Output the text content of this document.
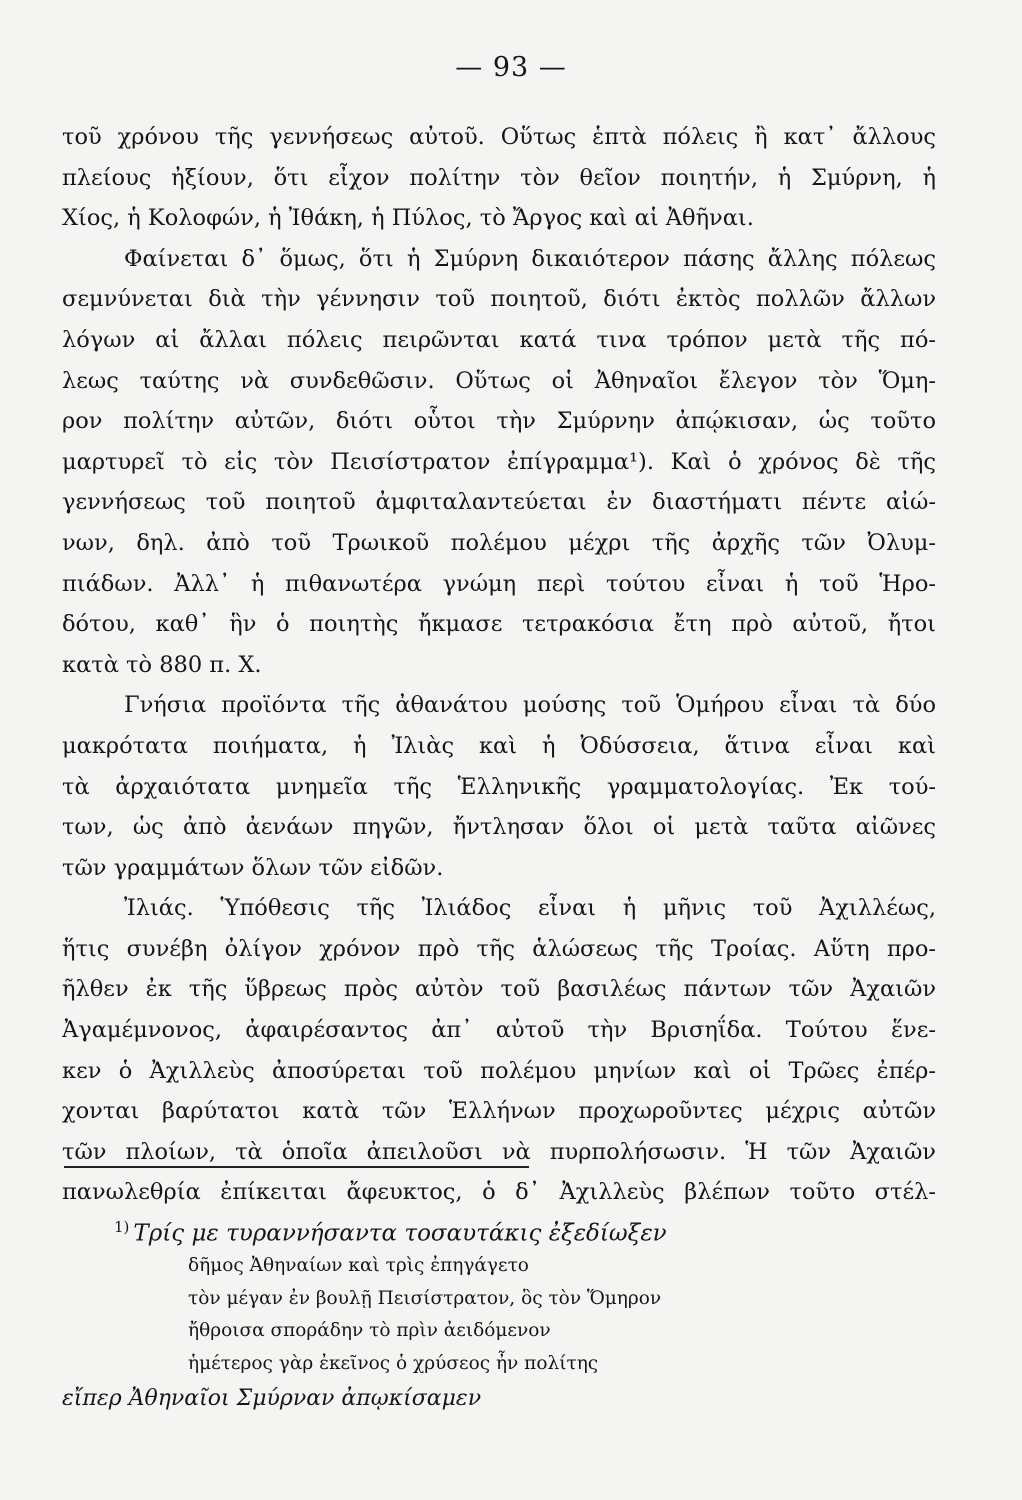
— 93 —
τοῦ χρόνου τῆς γεννήσεως αὐτοῦ. Οὕτως ἑπτὰ πόλεις ἢ κατ᾽ ἄλλους
πλείους ἠξίουν, ὅτι εἶχον πολίτην τὸν θεῖον ποιητήν, ἡ Σμύρνη, ἡ
Χίος, ἡ Κολοφών, ἡ Ἰθάκη, ἡ Πύλος, τὸ Ἄργος καὶ αἱ Ἀθῆναι.
Φαίνεται δ᾽ ὅμως, ὅτι ἡ Σμύρνη δικαιότερον πάσης ἄλλης πόλεως
σεμνύνεται διὰ τὴν γέννησιν τοῦ ποιητοῦ, διότι ἐκτὸς πολλῶν ἄλλων
λόγων αἱ ἄλλαι πόλεις πειρῶνται κατά τινα τρόπον μετὰ τῆς πό-
λεως ταύτης νὰ συνδεθῶσιν. Οὕτως οἱ Ἀθηναῖοι ἔλεγον τὸν Ὅμη-
ρον πολίτην αὐτῶν, διότι οὗτοι τὴν Σμύρνην ἀπῴκισαν, ὡς τοῦτο
μαρτυρεῖ τὸ εἰς τὸν Πεισίστρατον ἐπίγραμμα¹). Καὶ ὁ χρόνος δὲ τῆς
γεννήσεως τοῦ ποιητοῦ ἀμφιταλαντεύεται ἐν διαστήματι πέντε αἰώ-
νων, δηλ. ἀπὸ τοῦ Τρωικοῦ πολέμου μέχρι τῆς ἀρχῆς τῶν Ὀλυμ-
πιάδων. Ἀλλ᾽ ἡ πιθανωτέρα γνώμη περὶ τούτου εἶναι ἡ τοῦ Ἡρο-
δότου, καθ᾽ ἣν ὁ ποιητὴς ἤκμασε τετρακόσια ἔτη πρὸ αὐτοῦ, ἤτοι
κατὰ τὸ 880 π. Χ.
Γνήσια προϊόντα τῆς ἀθανάτου μούσης τοῦ Ὁμήρου εἶναι τὰ δύο
μακρότατα ποιήματα, ἡ Ἰλιὰς καὶ ἡ Ὀδύσσεια, ἅτινα εἶναι καὶ
τὰ ἀρχαιότατα μνημεῖα τῆς Ἑλληνικῆς γραμματολογίας. Ἐκ τού-
των, ὡς ἀπὸ ἀενάων πηγῶν, ἤντλησαν ὅλοι οἱ μετὰ ταῦτα αἰῶνες
τῶν γραμμάτων ὅλων τῶν εἰδῶν.
Ἰλιάς. Ὑπόθεσις τῆς Ἰλιάδος εἶναι ἡ μῆνις τοῦ Ἀχιλλέως,
ἥτις συνέβη ὀλίγον χρόνον πρὸ τῆς ἁλώσεως τῆς Τροίας. Αὕτη προ-
ῆλθεν ἐκ τῆς ὕβρεως πρὸς αὐτὸν τοῦ βασιλέως πάντων τῶν Ἀχαιῶν
Ἀγαμέμνονος, ἀφαιρέσαντος ἀπ᾽ αὐτοῦ τὴν Βρισηΐδα. Τούτου ἕνε-
κεν ὁ Ἀχιλλεὺς ἀποσύρεται τοῦ πολέμου μηνίων καὶ οἱ Τρῶες ἐπέρ-
χονται βαρύτατοι κατὰ τῶν Ἑλλήνων προχωροῦντες μέχρις αὐτῶν
τῶν πλοίων, τὰ ὁποῖα ἀπειλοῦσι νὰ πυρπολήσωσιν. Ἡ τῶν Ἀχαιῶν
πανωλεθρία ἐπίκειται ἄφευκτος, ὁ δ᾽ Ἀχιλλεὺς βλέπων τοῦτο στέλ-
$^{1)}$ Τρίς με τυραννήσαντα τοσαυτάκις ἐξεδίωξεν
δῆμος Ἀθηναίων καὶ τρὶς ἐπηγάγετο
τὸν μέγαν ἐν βουλῇ Πεισίστρατον, ὃς τὸν Ὅμηρον
ἤθροισα σποράδην τὸ πρὶν ἀειδόμενον
ἡμέτερος γὰρ ἐκεῖνος ὁ χρύσεος ἦν πολίτης
εἴπερ Ἀθηναῖοι Σμύρναν ἀπῳκίσαμεν
